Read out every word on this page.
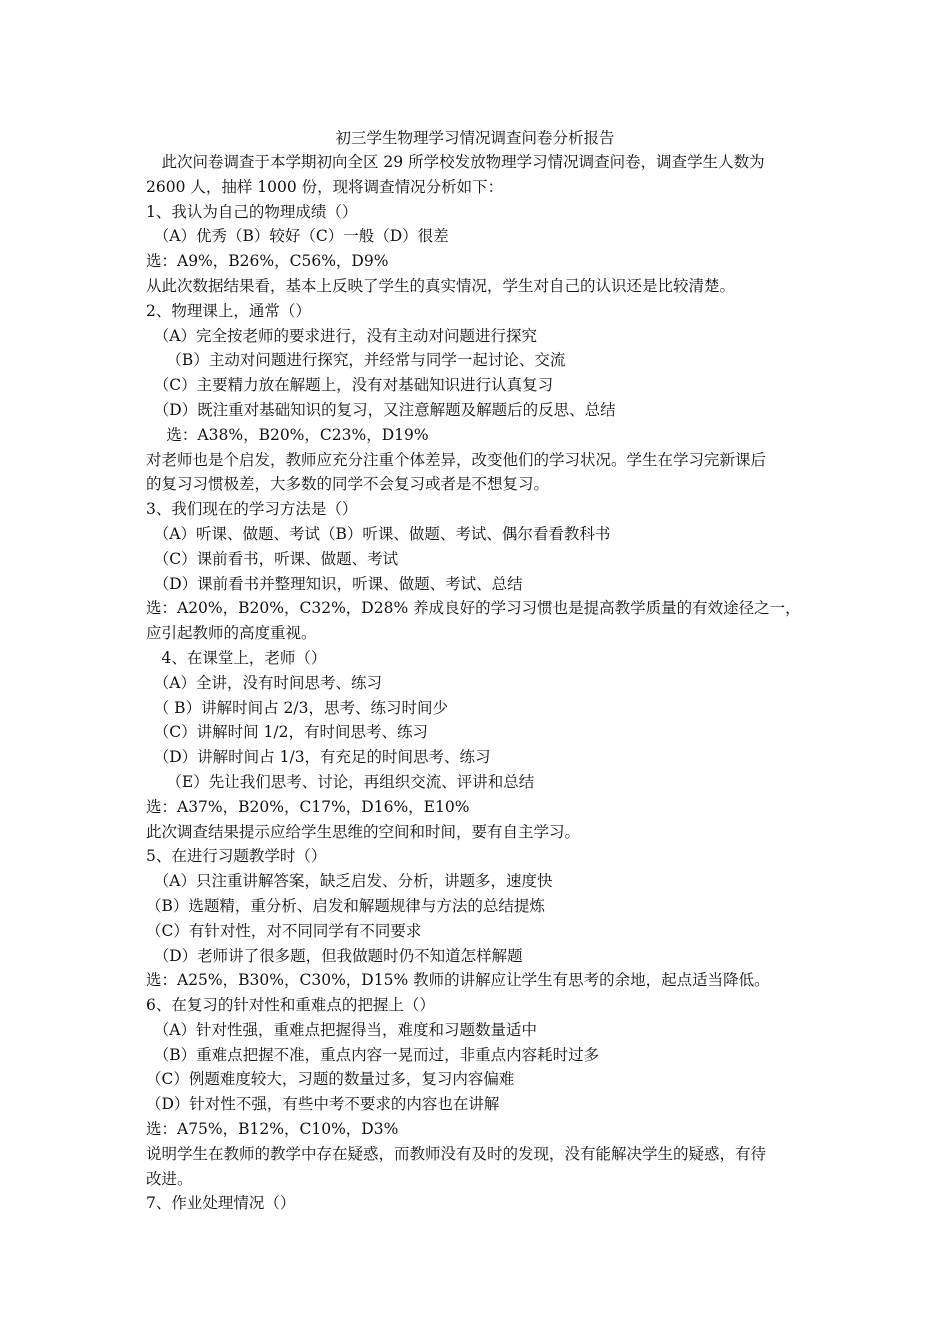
初三学生物理学习情况调查问卷分析报告
　此次问卷调查于本学期初向全区 29 所学校发放物理学习情况调查问卷，调查学生人数为
2600 人，抽样 1000 份，现将调查情况分析如下：
1、我认为自己的物理成绩（）
　（A）优秀（B）较好（C）一般（D）很差
选：A9%，B26%，C56%，D9%
从此次数据结果看，基本上反映了学生的真实情况，学生对自己的认识还是比较清楚。
2、物理课上，通常（）
　（A）完全按老师的要求进行，没有主动对问题进行探究
　 （B）主动对问题进行探究，并经常与同学一起讨论、交流
　（C）主要精力放在解题上，没有对基础知识进行认真复习
　（D）既注重对基础知识的复习，又注意解题及解题后的反思、总结
　 选：A38%，B20%，C23%，D19%
对老师也是个启发，教师应充分注重个体差异，改变他们的学习状况。学生在学习完新课后
的复习习惯极差，大多数的同学不会复习或者是不想复习。
3、我们现在的学习方法是（）
　（A）听课、做题、考试（B）听课、做题、考试、偶尔看看教科书
　（C）课前看书，听课、做题、考试
　（D）课前看书并整理知识，听课、做题、考试、总结
选：A20%，B20%，C32%，D28% 养成良好的学习习惯也是提高教学质量的有效途径之一，
应引起教师的高度重视。
　4、在课堂上，老师（）
　（A）全讲，没有时间思考、练习
　（ B）讲解时间占 2/3，思考、练习时间少
　（C）讲解时间 1/2，有时间思考、练习
　（D）讲解时间占 1/3，有充足的时间思考、练习
　 （E）先让我们思考、讨论，再组织交流、评讲和总结
选：A37%，B20%，C17%，D16%，E10%
此次调查结果提示应给学生思维的空间和时间，要有自主学习。
5、在进行习题教学时（）
　（A）只注重讲解答案，缺乏启发、分析，讲题多，速度快
（B）选题精，重分析、启发和解题规律与方法的总结提炼
（C）有针对性，对不同同学有不同要求
　（D）老师讲了很多题，但我做题时仍不知道怎样解题
选：A25%，B30%，C30%，D15% 教师的讲解应让学生有思考的余地，起点适当降低。
6、在复习的针对性和重难点的把握上（）
　（A）针对性强，重难点把握得当，难度和习题数量适中
　（B）重难点把握不准，重点内容一晃而过，非重点内容耗时过多
（C）例题难度较大，习题的数量过多，复习内容偏难
（D）针对性不强，有些中考不要求的内容也在讲解
选：A75%，B12%，C10%，D3%
说明学生在教师的教学中存在疑惑，而教师没有及时的发现，没有能解决学生的疑惑，有待
改进。
7、作业处理情况（）
